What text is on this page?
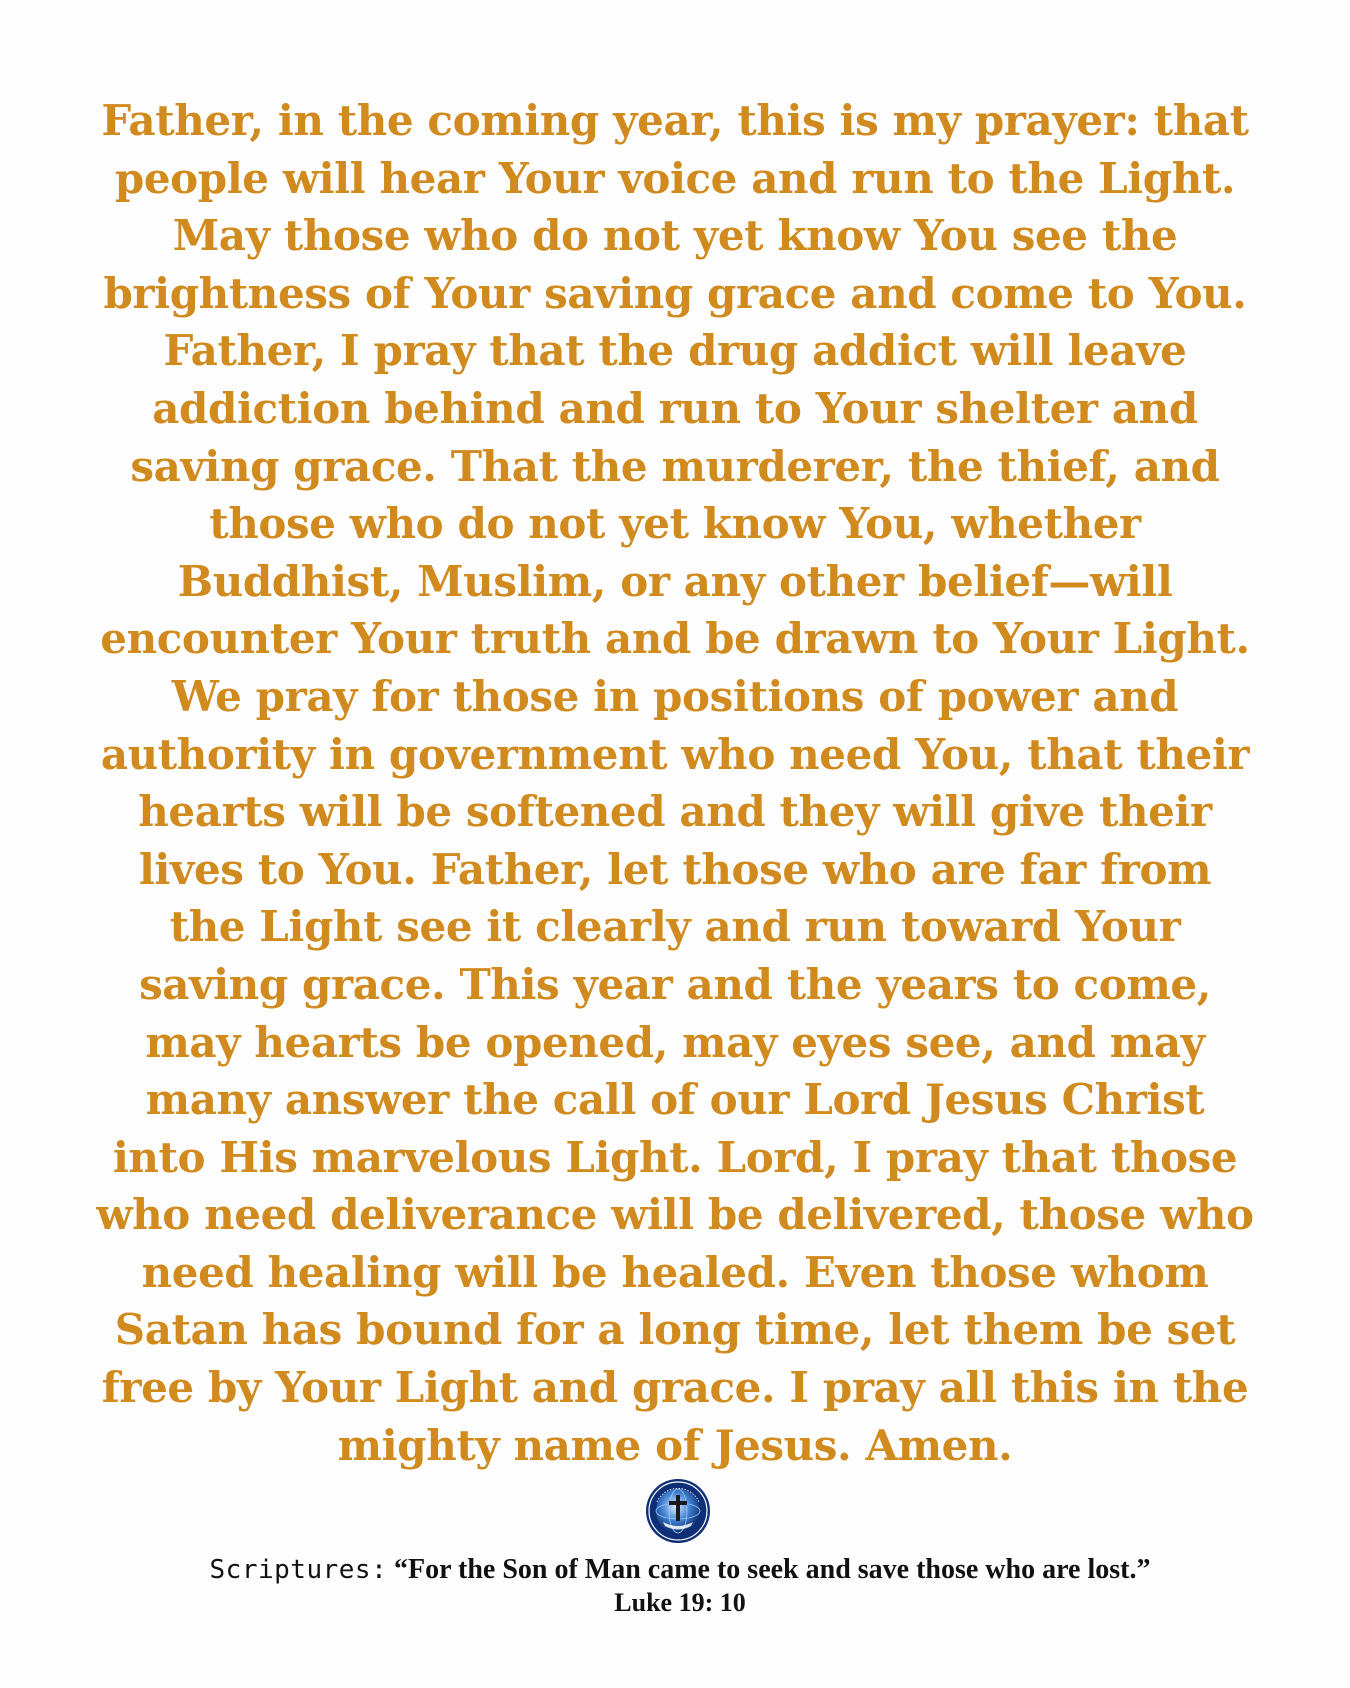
Father, in the coming year, this is my prayer: that people will hear Your voice and run to the Light. May those who do not yet know You see the brightness of Your saving grace and come to You. Father, I pray that the drug addict will leave addiction behind and run to Your shelter and saving grace. That the murderer, the thief, and those who do not yet know You, whether Buddhist, Muslim, or any other belief—will encounter Your truth and be drawn to Your Light. We pray for those in positions of power and authority in government who need You, that their hearts will be softened and they will give their lives to You. Father, let those who are far from the Light see it clearly and run toward Your saving grace. This year and the years to come, may hearts be opened, may eyes see, and may many answer the call of our Lord Jesus Christ into His marvelous Light. Lord, I pray that those who need deliverance will be delivered, those who need healing will be healed. Even those whom Satan has bound for a long time, let them be set free by Your Light and grace. I pray all this in the mighty name of Jesus. Amen.

Scriptures: “For the Son of Man came to seek and save those who are lost.”
Luke 19: 10
